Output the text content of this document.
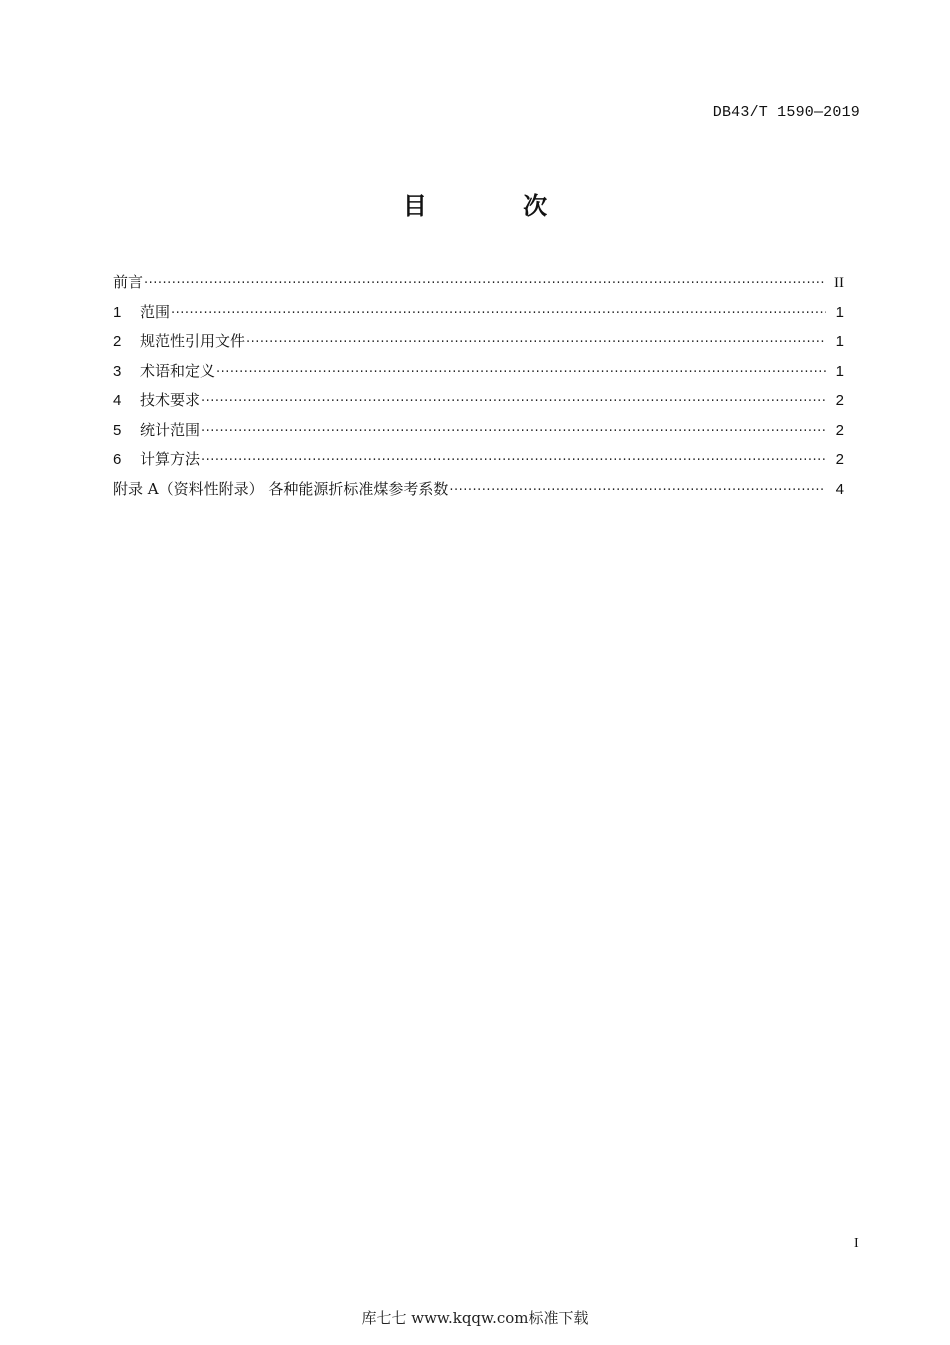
DB43/T 1590—2019
目 次
前言 ·····	II
1	范围 ·····	1
2	规范性引用文件 ·····	1
3	术语和定义 ·····	1
4	技术要求 ·····	2
5	统计范围 ·····	2
6	计算方法 ·····	2
附录 A（资料性附录） 各种能源折标准煤参考系数 ·····	4
I
库七七 www.kqqw.com标准下载
